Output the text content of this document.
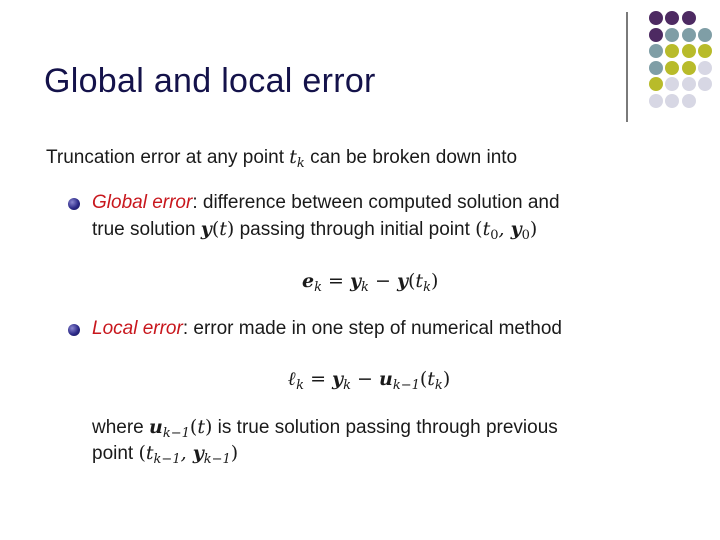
Global and local error
Truncation error at any point $t_k$ can be broken down into
Global error: difference between computed solution and
true solution y(t) passing through initial point ($t_0$, $y_0$)
$e_k = y_k - y(t_k)$
Local error: error made in one step of numerical method
ℓ$_k$ = $y_k - u_{k-1}(t_k)$
where $u_{k-1}(t)$ is true solution passing through previous
point ($t_{k-1}$, $y_{k-1}$)
